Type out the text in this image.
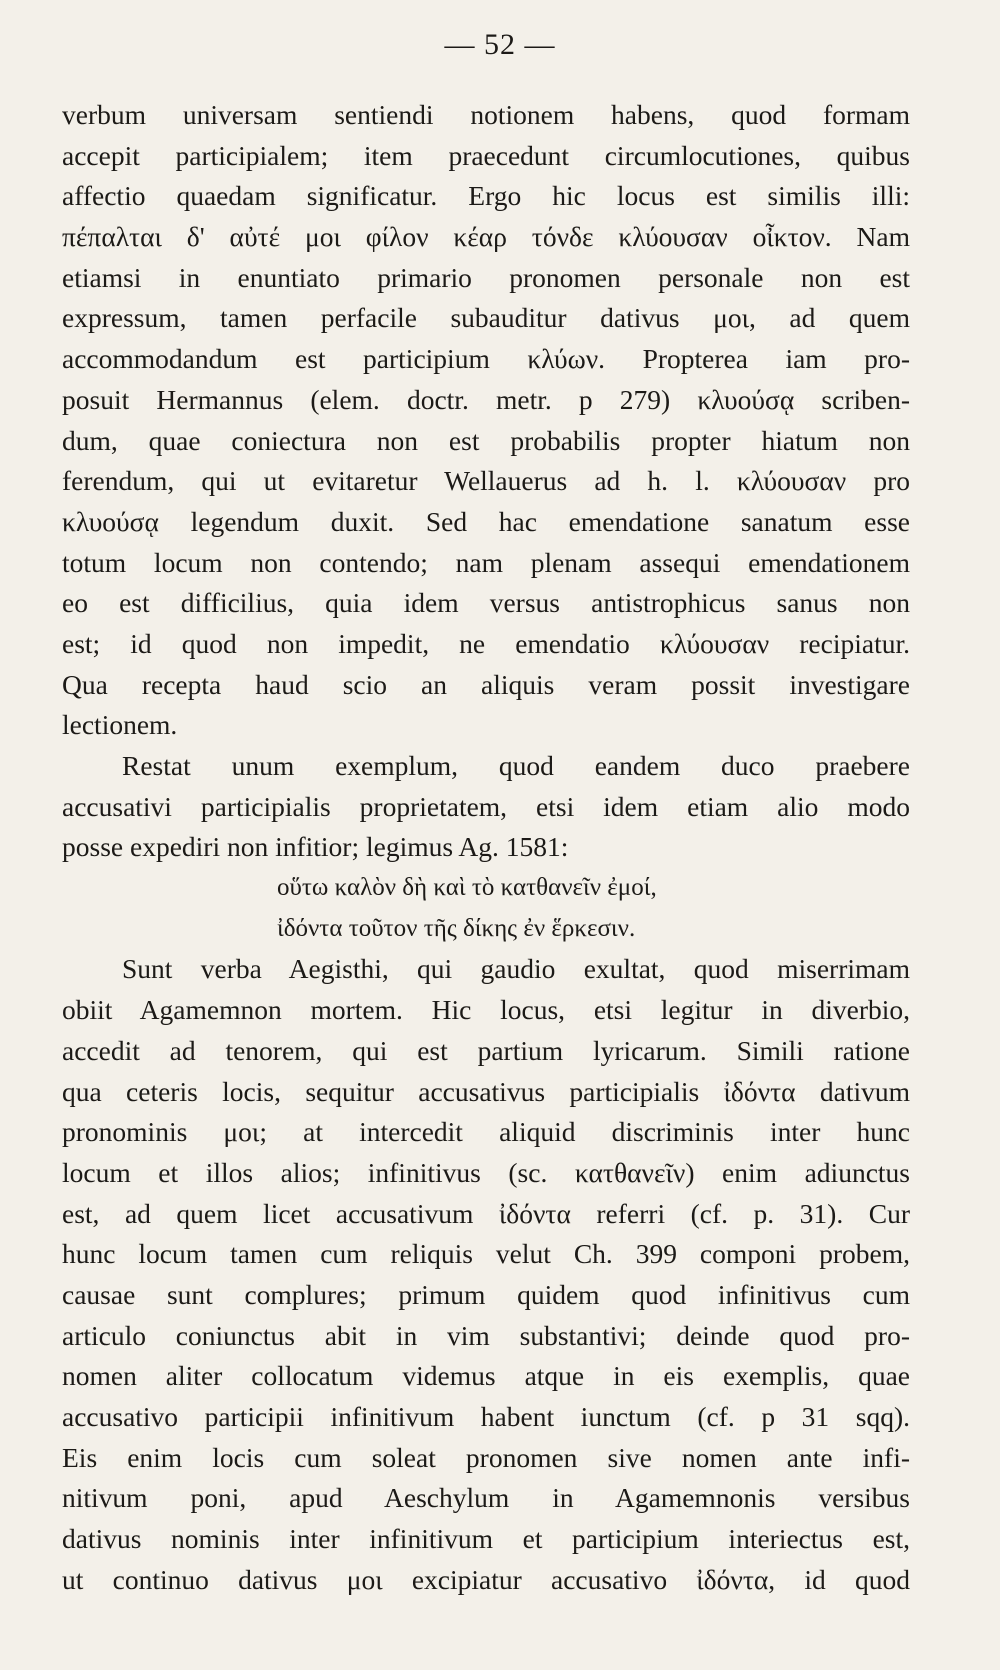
— 52 —
verbum universam sentiendi notionem habens, quod formam
accepit participialem; item praecedunt circumlocutiones, quibus
affectio quaedam significatur. Ergo hic locus est similis illi:
πέπαλται δ' αὐτέ μοι φίλον κέαρ τόνδε κλύουσαν οἶκτον. Nam
etiamsi in enuntiato primario pronomen personale non est
expressum, tamen perfacile subauditur dativus μοι, ad quem
accommodandum est participium κλύων. Propterea iam pro-
posuit Hermannus (elem. doctr. metr. p 279) κλυούσᾳ scriben-
dum, quae coniectura non est probabilis propter hiatum non
ferendum, qui ut evitaretur Wellauerus ad h. l. κλύουσαν pro
κλυούσᾳ legendum duxit. Sed hac emendatione sanatum esse
totum locum non contendo; nam plenam assequi emendationem
eo est difficilius, quia idem versus antistrophicus sanus non
est; id quod non impedit, ne emendatio κλύουσαν recipiatur.
Qua recepta haud scio an aliquis veram possit investigare
lectionem.
Restat unum exemplum, quod eandem duco praebere
accusativi participialis proprietatem, etsi idem etiam alio modo
posse expediri non infitior; legimus Ag. 1581:
οὕτω καλὸν δὴ καὶ τὸ κατθανεῖν ἐμοί,
ἰδόντα τοῦτον τῆς δίκης ἐν ἕρκεσιν.
Sunt verba Aegisthi, qui gaudio exultat, quod miserrimam
obiit Agamemnon mortem. Hic locus, etsi legitur in diverbio,
accedit ad tenorem, qui est partium lyricarum. Simili ratione
qua ceteris locis, sequitur accusativus participialis ἰδόντα dativum
pronominis μοι; at intercedit aliquid discriminis inter hunc
locum et illos alios; infinitivus (sc. κατθανεῖν) enim adiunctus
est, ad quem licet accusativum ἰδόντα referri (cf. p. 31). Cur
hunc locum tamen cum reliquis velut Ch. 399 componi probem,
causae sunt complures; primum quidem quod infinitivus cum
articulo coniunctus abit in vim substantivi; deinde quod pro-
nomen aliter collocatum videmus atque in eis exemplis, quae
accusativo participii infinitivum habent iunctum (cf. p 31 sqq).
Eis enim locis cum soleat pronomen sive nomen ante infi-
nitivum poni, apud Aeschylum in Agamemnonis versibus
dativus nominis inter infinitivum et participium interiectus est,
ut continuo dativus μοι excipiatur accusativo ἰδόντα, id quod
